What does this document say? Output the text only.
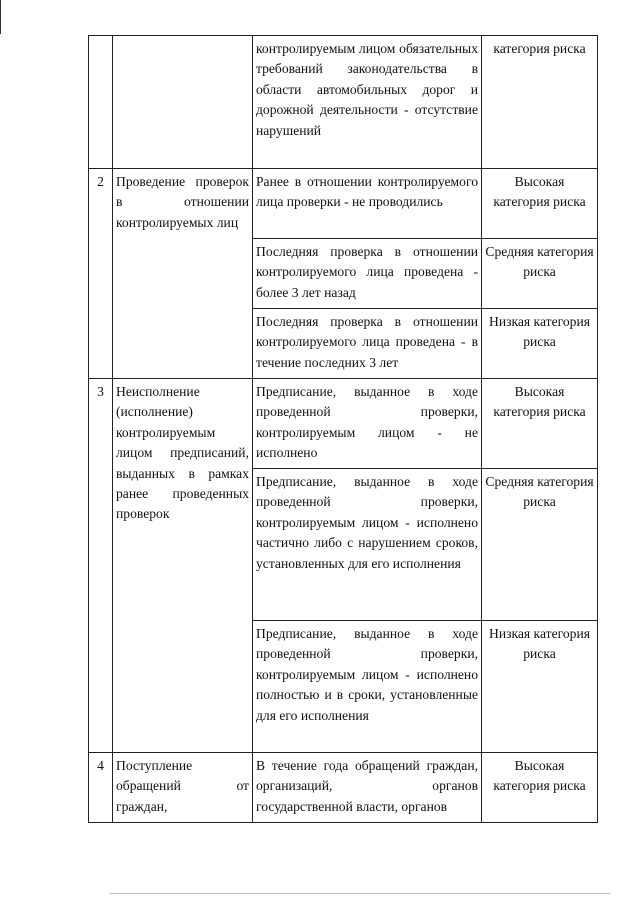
		контролируемым лицом обязательных требований законодательства в области автомобильных дорог и дорожной деятельности - отсутствие нарушений	категория риска
2	Проведение проверок в отношении контролируемых лиц	Ранее в отношении контролируемого лица проверки - не проводились	Высокая категория риска
		Последняя проверка в отношении контролируемого лица проведена - более 3 лет назад	Средняя категория риска
		Последняя проверка в отношении контролируемого лица проведена - в течение последних 3 лет	Низкая категория риска
3	Неисполнение (исполнение) контролируемым лицом предписаний, выданных в рамках ранее проведенных проверок	Предписание, выданное в ходе проведенной проверки, контролируемым лицом - не исполнено	Высокая категория риска
		Предписание, выданное в ходе проведенной проверки, контролируемым лицом - исполнено частично либо с нарушением сроков, установленных для его исполнения	Средняя категория риска
		Предписание, выданное в ходе проведенной проверки, контролируемым лицом - исполнено полностью и в сроки, установленные для его исполнения	Низкая категория риска
4	Поступление обращений от граждан,	В течение года обращений граждан, организаций, органов государственной власти, органов	Высокая категория риска
